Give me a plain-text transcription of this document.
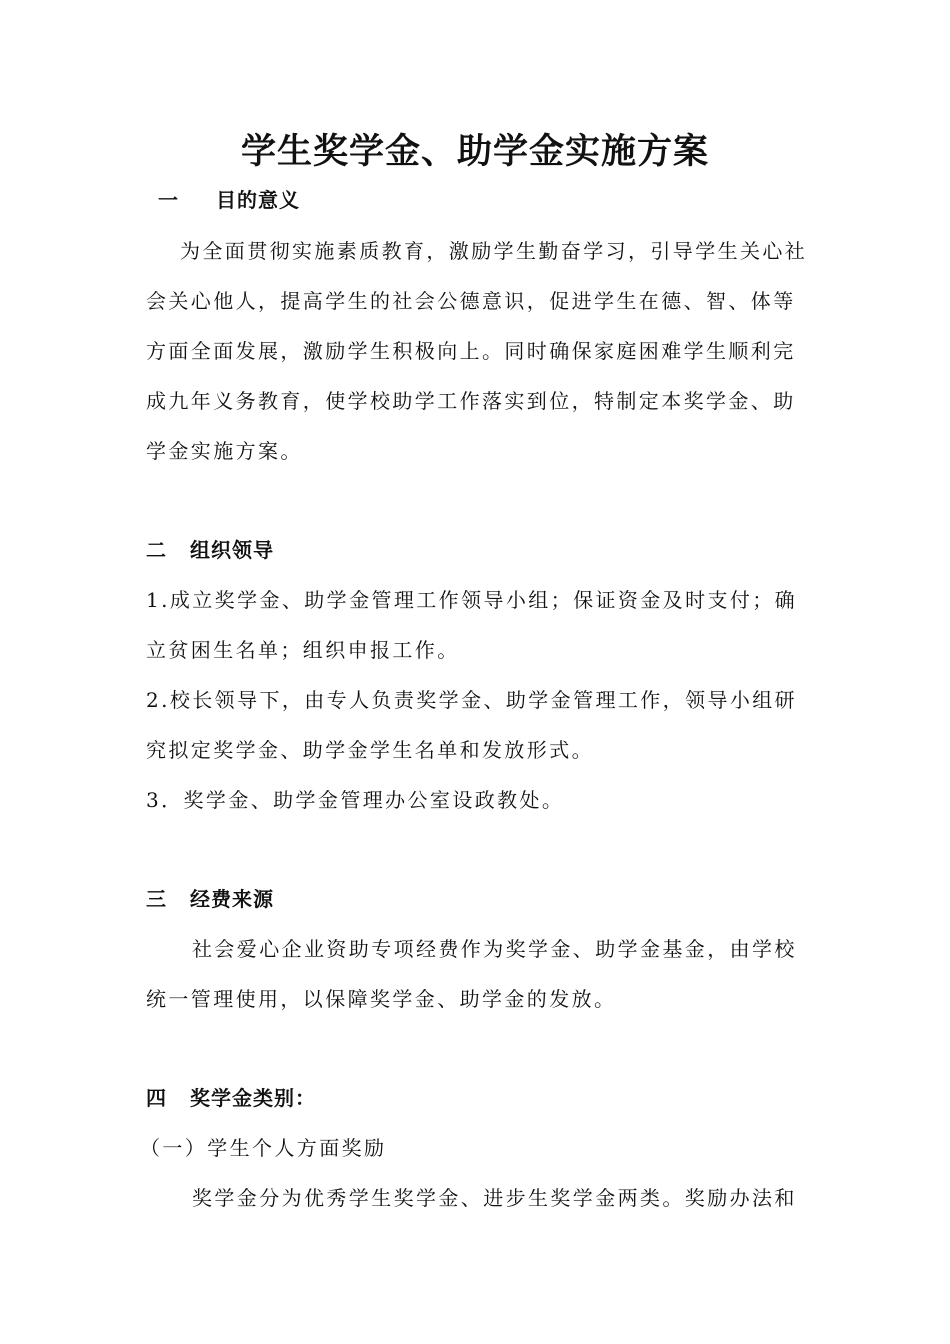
学生奖学金、助学金实施方案
一 目的意义
为全面贯彻实施素质教育，激励学生勤奋学习，引导学生关心社
会关心他人，提高学生的社会公德意识，促进学生在德、智、体等
方面全面发展，激励学生积极向上。同时确保家庭困难学生顺利完
成九年义务教育，使学校助学工作落实到位，特制定本奖学金、助
学金实施方案。
二 组织领导
1.成立奖学金、助学金管理工作领导小组；保证资金及时支付；确
立贫困生名单；组织申报工作。
2.校长领导下，由专人负责奖学金、助学金管理工作，领导小组研
究拟定奖学金、助学金学生名单和发放形式。
3．奖学金、助学金管理办公室设政教处。
三 经费来源
社会爱心企业资助专项经费作为奖学金、助学金基金，由学校
统一管理使用，以保障奖学金、助学金的发放。
四 奖学金类别：
（一）学生个人方面奖励
奖学金分为优秀学生奖学金、进步生奖学金两类。奖励办法和
